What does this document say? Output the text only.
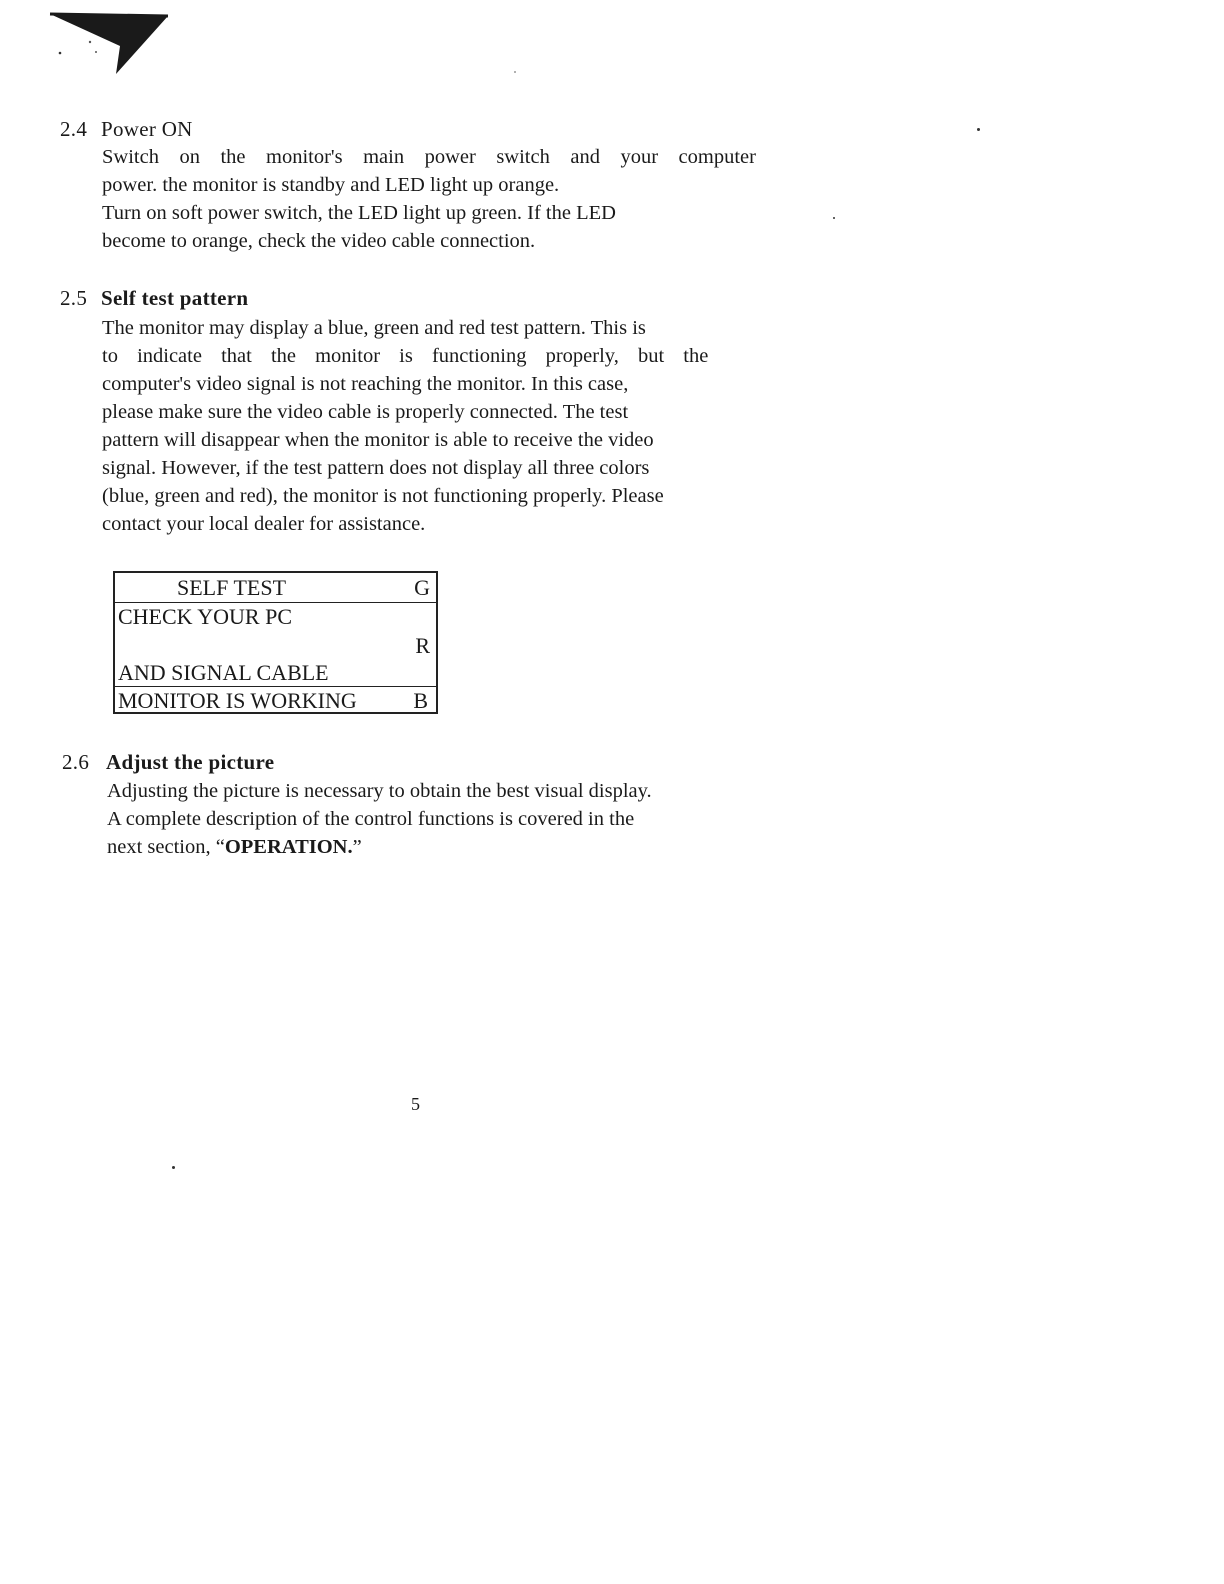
2.4 Power ON
Switch on the monitor's main power switch and your computer
power. the monitor is standby and LED light up orange.
Turn on soft power switch, the LED light up green. If the LED
become to orange, check the video cable connection.
2.5 Self test pattern
The monitor may display a blue, green and red test pattern. This is
to indicate that the monitor is functioning properly, but the
computer's video signal is not reaching the monitor. In this case,
please make sure the video cable is properly connected. The test
pattern will disappear when the monitor is able to receive the video
signal. However, if the test pattern does not display all three colors
(blue, green and red), the monitor is not functioning properly. Please
contact your local dealer for assistance.
SELF TEST	G
CHECK YOUR PC
R
AND SIGNAL CABLE
MONITOR IS WORKING	B
2.6 Adjust the picture
Adjusting the picture is necessary to obtain the best visual display.
A complete description of the control functions is covered in the
next section, “OPERATION.”
5
